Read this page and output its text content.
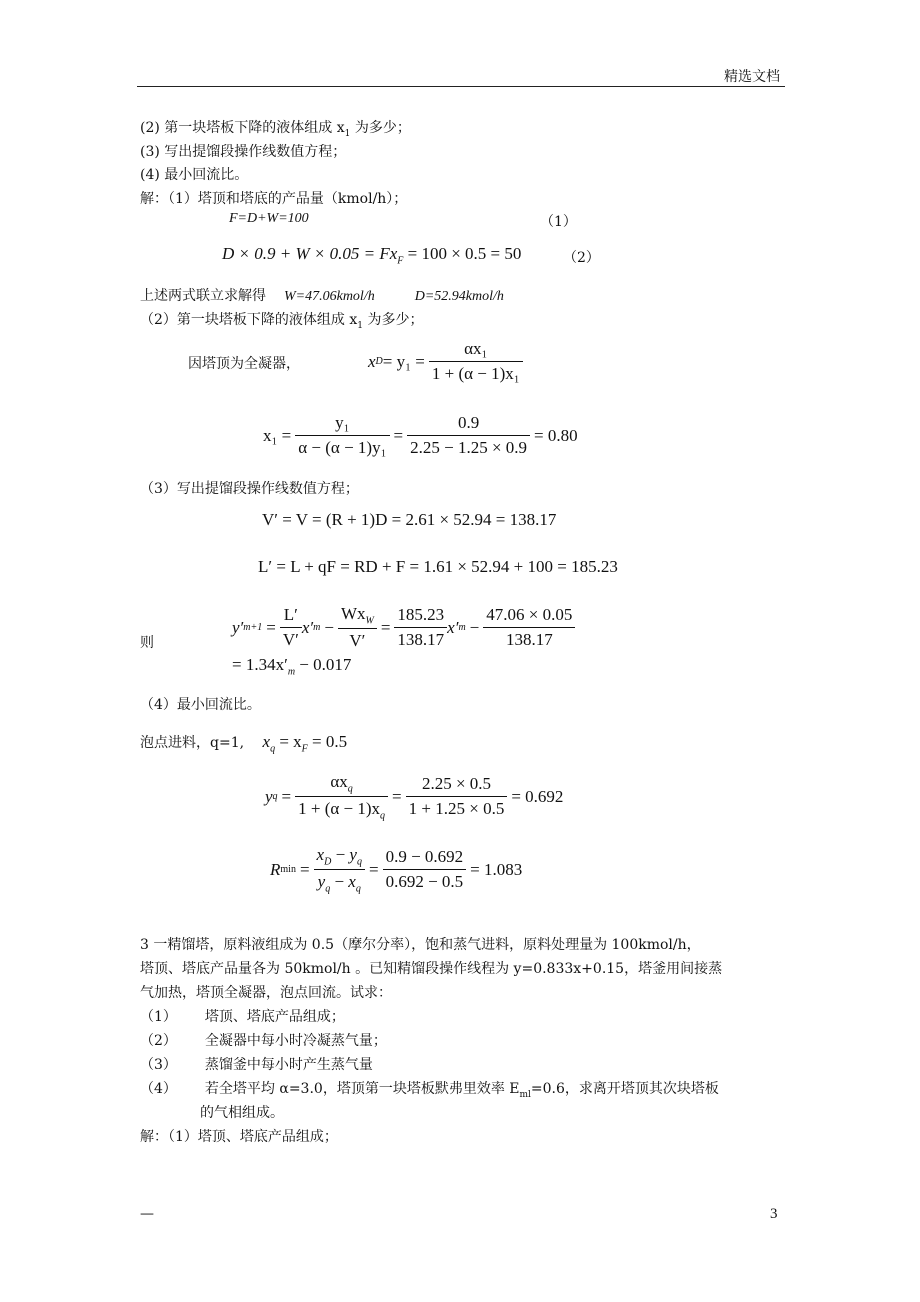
精选文档
(2) 第一块塔板下降的液体组成 $x_1$ 为多少；
(3) 写出提馏段操作线数值方程；
(4) 最小回流比。
解：（1）塔顶和塔底的产品量（kmol/h）；
F=D+W=100	（1）
$D \times 0.9 + W \times 0.05 = Fx_F = 100 \times 0.5 = 50$	（2）
上述两式联立求解得 W=47.06kmol/h	D=52.94kmol/h
（2）第一块塔板下降的液体组成 $x_1$ 为多少；
因塔顶为全凝器，	x $D = y_1 = \frac{\text{αx₁}}{\text{1 + (α − 1)x₁}}$
$x_1 = \frac{\text{y₁}}{\text{α − (α − 1)y₁}} = \frac{0.9}{2.25 - 1.25 \times 0.9} = 0.80$
（3）写出提馏段操作线数值方程；
V′ = V = (R + 1)D = 2.61 × 52.94 = 138.17
L′ = L + qF = RD + F = 1.61 × 52.94 + 100 = 185.23
则
y′ $m+1 = \frac{L'}{V'} x'$ $m - \frac{Wx_W}{V'} = \frac{185.23}{138.17} x'$ $m - \frac{47.06 \times 0.05}{138.17}$
= $1.34x'_m - 0.017$
（4）最小回流比。
泡点进料，q=1, $x_q = x_F = 0.5$
y $q = \frac{\alpha x_q}{1 + (\alpha - 1)x_q} = \frac{2.25 \times 0.5}{1 + 1.25 \times 0.5} = 0.692$
R $\min = \frac{x_D - y_q}{y_q - x_q} = \frac{0.9 - 0.692}{0.692 - 0.5} = 1.083$
3 一精馏塔，原料液组成为 0.5（摩尔分率），饱和蒸气进料，原料处理量为 100kmol/h，
塔顶、塔底产品量各为 50kmol/h 。已知精馏段操作线程为 y=0.833x+0.15，塔釜用间接蒸
气加热，塔顶全凝器，泡点回流。试求：
（1） 塔顶、塔底产品组成；
（2） 全凝器中每小时冷凝蒸气量；
（3） 蒸馏釜中每小时产生蒸气量
（4） 若全塔平均 α=3.0，塔顶第一块塔板默弗里效率 $E_{ml}=0.6$，求离开塔顶其次块塔板
的气相组成。
解：（1）塔顶、塔底产品组成；
—	3
